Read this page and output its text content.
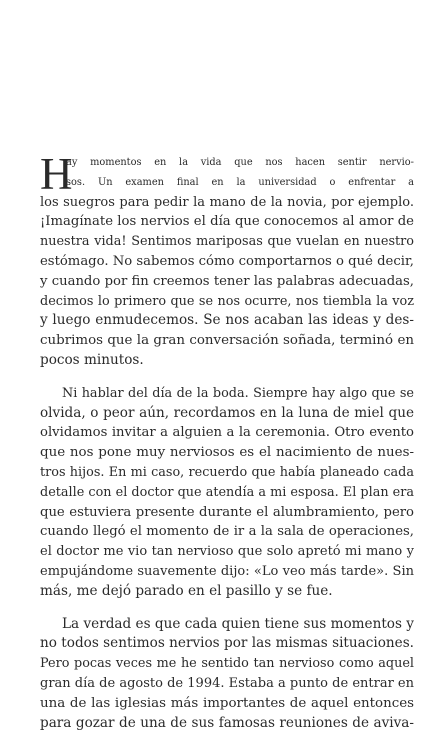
H
ay momentos en la vida que nos hacen sentir nervio-
sos. Un examen final en la universidad o enfrentar a
los suegros para pedir la mano de la novia, por ejemplo.
¡Imagínate los nervios el día que conocemos al amor de
nuestra vida! Sentimos mariposas que vuelan en nuestro
estómago. No sabemos cómo comportarnos o qué decir,
y cuando por fin creemos tener las palabras adecuadas,
decimos lo primero que se nos ocurre, nos tiembla la voz
y luego enmudecemos. Se nos acaban las ideas y des-
cubrimos que la gran conversación soñada, terminó en
pocos minutos.
Ni hablar del día de la boda. Siempre hay algo que se
olvida, o peor aún, recordamos en la luna de miel que
olvidamos invitar a alguien a la ceremonia. Otro evento
que nos pone muy nerviosos es el nacimiento de nues-
tros hijos. En mi caso, recuerdo que había planeado cada
detalle con el doctor que atendía a mi esposa. El plan era
que estuviera presente durante el alumbramiento, pero
cuando llegó el momento de ir a la sala de operaciones,
el doctor me vio tan nervioso que solo apretó mi mano y
empujándome suavemente dijo: «Lo veo más tarde». Sin
más, me dejó parado en el pasillo y se fue.
La verdad es que cada quien tiene sus momentos y
no todos sentimos nervios por las mismas situaciones.
Pero pocas veces me he sentido tan nervioso como aquel
gran día de agosto de 1994. Estaba a punto de entrar en
una de las iglesias más importantes de aquel entonces
para gozar de una de sus famosas reuniones de aviva-
